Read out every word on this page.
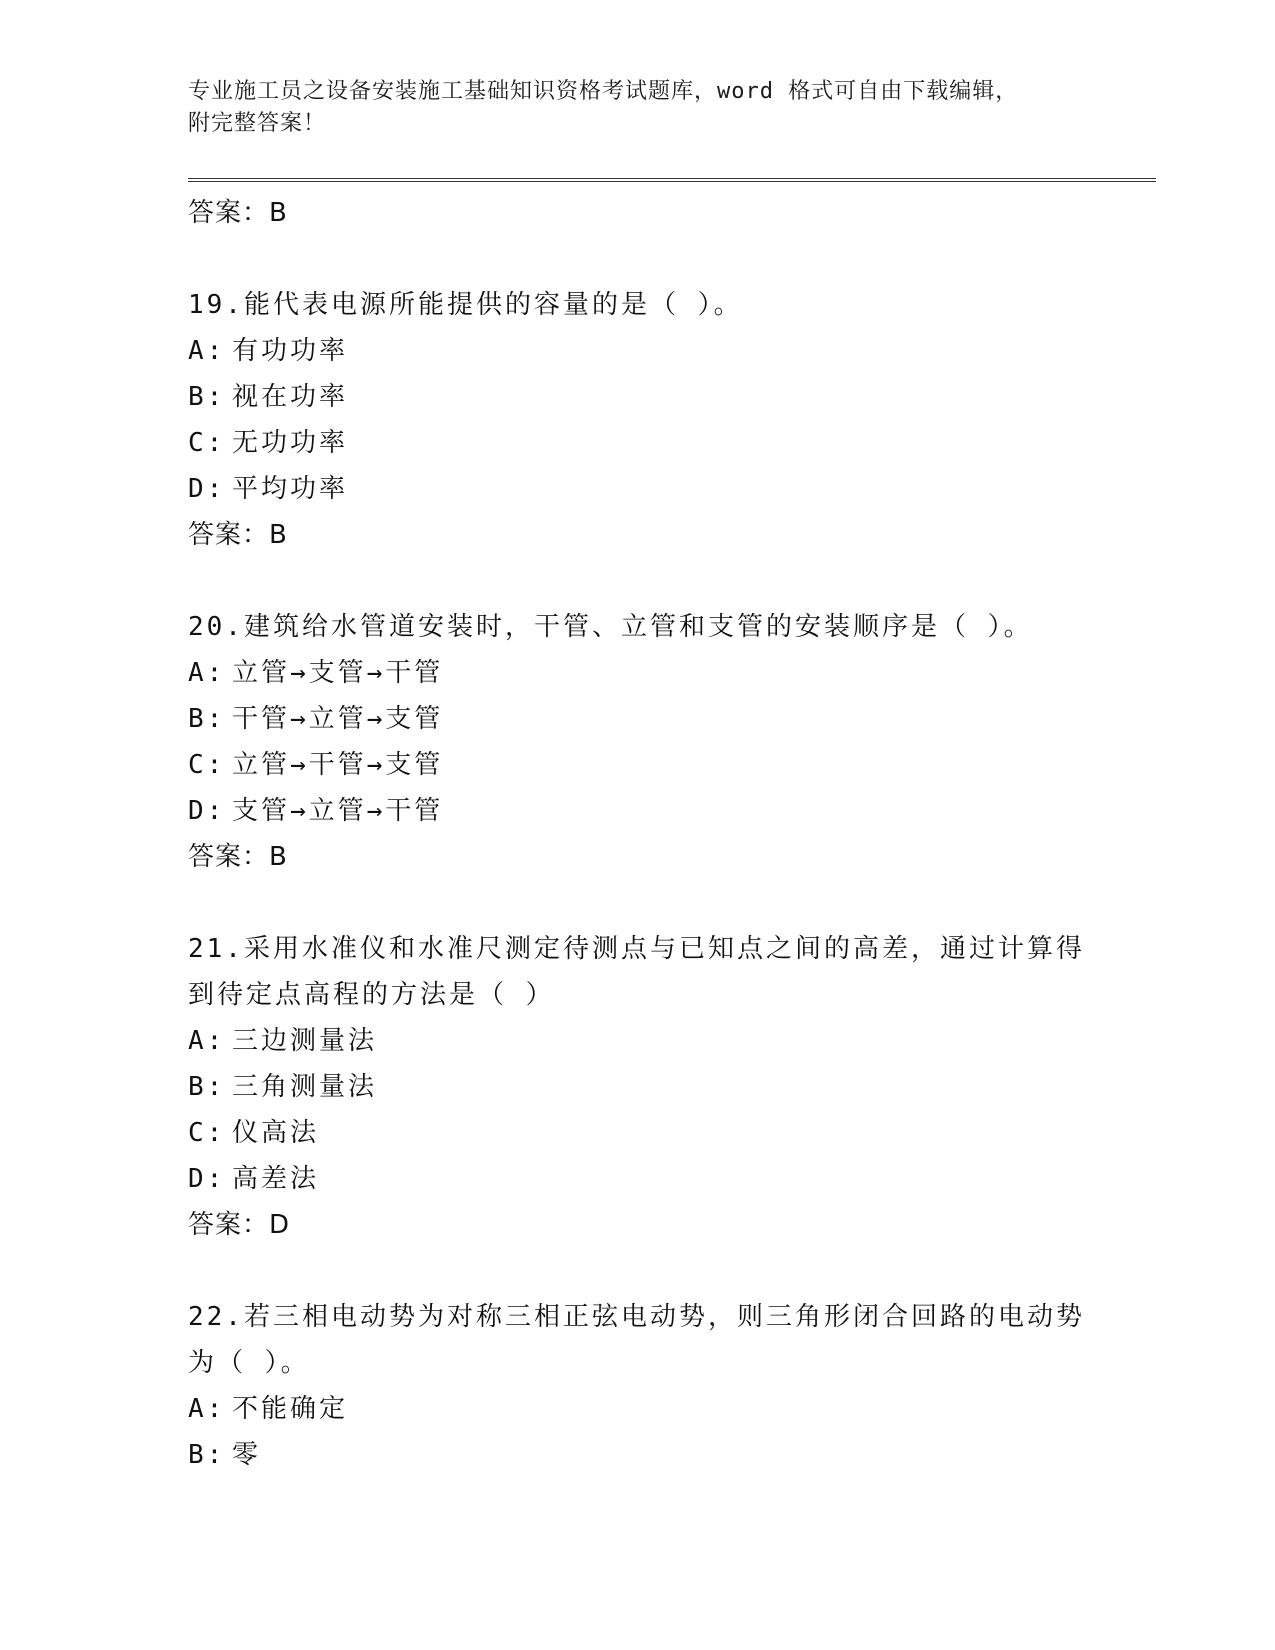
专业施工员之设备安装施工基础知识资格考试题库，word 格式可自由下载编辑，
附完整答案！
答案：B
19.能代表电源所能提供的容量的是（ ）。
A: 有功功率
B: 视在功率
C: 无功功率
D: 平均功率
答案：B
20.建筑给水管道安装时，干管、立管和支管的安装顺序是（ ）。
A: 立管→支管→干管
B: 干管→立管→支管
C: 立管→干管→支管
D: 支管→立管→干管
答案：B
21.采用水准仪和水准尺测定待测点与已知点之间的高差，通过计算得
到待定点高程的方法是（ ）
A: 三边测量法
B: 三角测量法
C: 仪高法
D: 高差法
答案：D
22.若三相电动势为对称三相正弦电动势，则三角形闭合回路的电动势
为（ ）。
A: 不能确定
B: 零
